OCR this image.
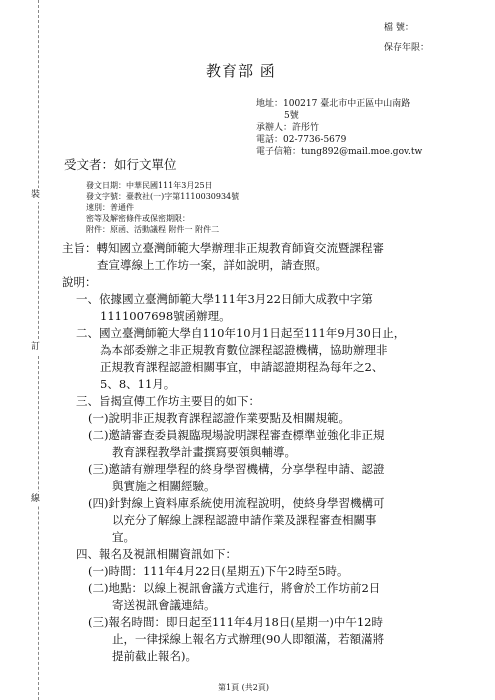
裝
訂
線
檔 號：
保存年限：
教育部 函
地址：100217 臺北市中正區中山南路
5號
承辦人：許彤竹
電話：02-7736-5679
電子信箱：tung892@mail.moe.gov.tw
受文者：如行文單位
發文日期：中華民國111年3月25日
發文字號：臺教社(一)字第1110030934號
速別：普通件
密等及解密條件或保密期限：
附件：原函、活動議程 附件一 附件二
主旨：轉知國立臺灣師範大學辦理非正規教育師資交流暨課程審
查宣導線上工作坊一案，詳如說明，請查照。
說明：
一、依據國立臺灣師範大學111年3月22日師大成教中字第
1111007698號函辦理。
二、國立臺灣師範大學自110年10月1日起至111年9月30日止，
為本部委辦之非正規教育數位課程認證機構，協助辦理非
正規教育課程認證相關事宜，申請認證期程為每年之2、
5、8、11月。
三、旨揭宣傳工作坊主要目的如下：
(一)說明非正規教育課程認證作業要點及相關規範。
(二)邀請審查委員親臨現場說明課程審查標準並強化非正規
教育課程教學計畫撰寫要領與輔導。
(三)邀請有辦理學程的終身學習機構，分享學程申請、認證
與實施之相關經驗。
(四)針對線上資料庫系統使用流程說明，使終身學習機構可
以充分了解線上課程認證申請作業及課程審查相關事
宜。
四、報名及視訊相關資訊如下：
(一)時間：111年4月22日(星期五)下午2時至5時。
(二)地點：以線上視訊會議方式進行，將會於工作坊前2日
寄送視訊會議連結。
(三)報名時間：即日起至111年4月18日(星期一)中午12時
止，一律採線上報名方式辦理(90人即額滿，若額滿將
提前截止報名)。
第1頁 (共2頁)
